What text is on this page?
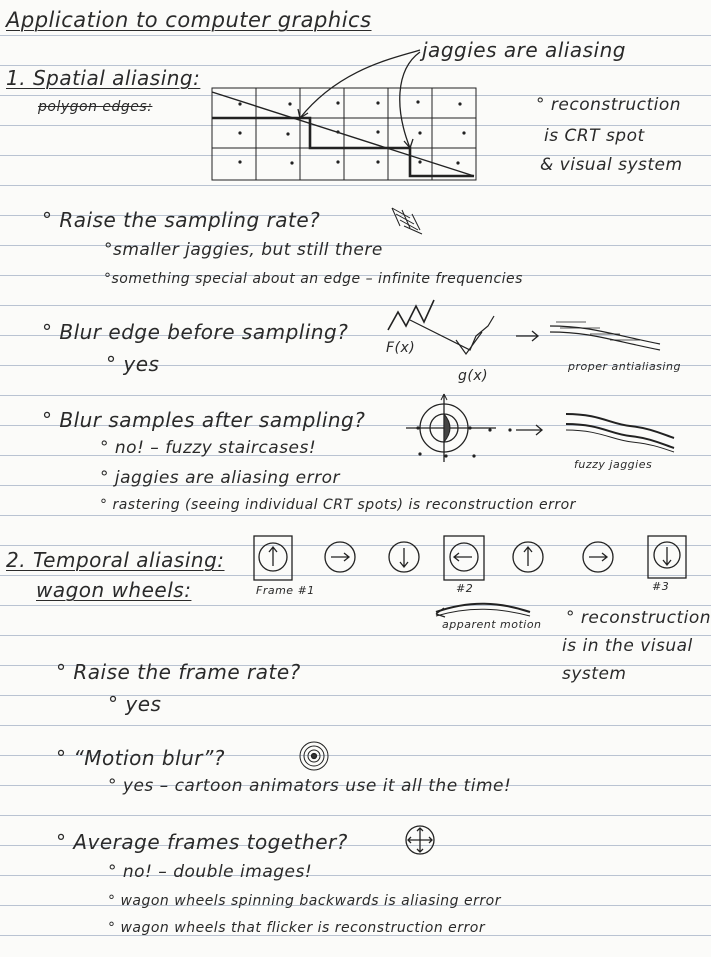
Application to computer graphics
1. Spatial aliasing:
polygon edges:
jaggies are aliasing
° reconstruction
is CRT spot
& visual system
° Raise the sampling rate?
°smaller jaggies, but still there
°something special about an edge – infinite frequencies
° Blur edge before sampling?
° yes
F(x)
g(x)
proper antialiasing
° Blur samples after sampling?
° no! – fuzzy staircases!
° jaggies are aliasing error
° rastering (seeing individual CRT spots) is reconstruction error
fuzzy jaggies
2. Temporal aliasing:
wagon wheels:	Frame #1	#2	#3
apparent motion ° reconstruction
is in the visual
system
° Raise the frame rate?
° yes
° “Motion blur”?
° yes – cartoon animators use it all the time!
° Average frames together?
° no! – double images!
° wagon wheels spinning backwards is aliasing error
° wagon wheels that flicker is reconstruction error
